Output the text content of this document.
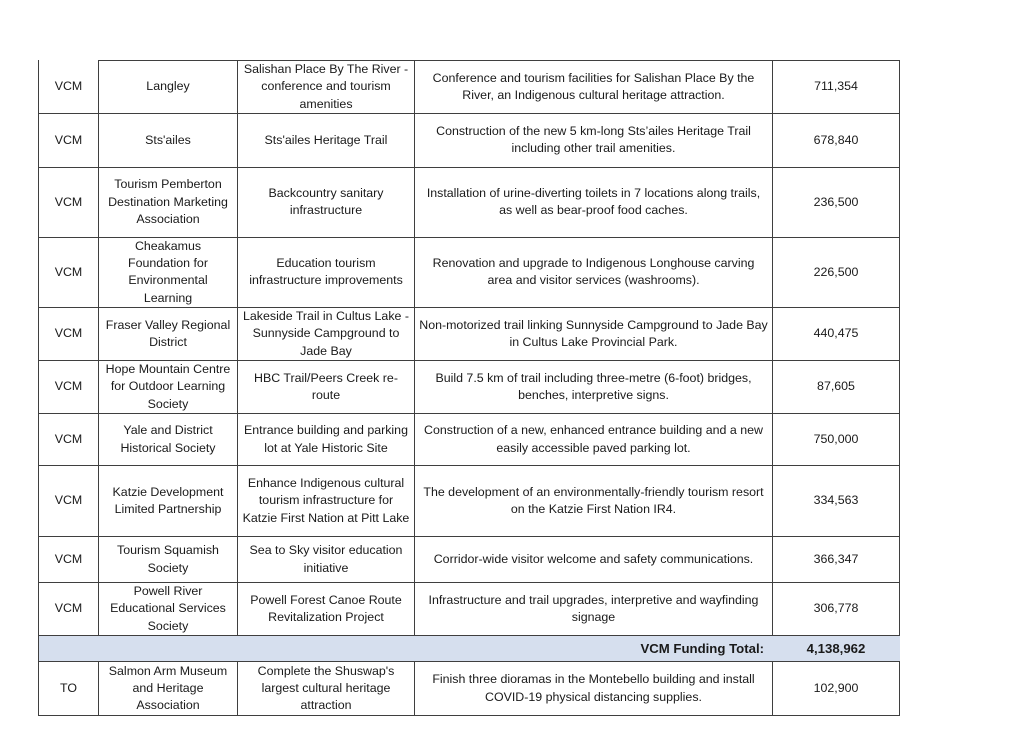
VCM	Langley	Salishan Place By The River - conference and tourism amenities	Conference and tourism facilities for Salishan Place By the River, an Indigenous cultural heritage attraction.	711,354
VCM	Sts'ailes	Sts'ailes Heritage Trail	Construction of the new 5 km-long Sts’ailes Heritage Trail including other trail amenities.	678,840
VCM	Tourism Pemberton Destination Marketing Association	Backcountry sanitary infrastructure	Installation of urine-diverting toilets in 7 locations along trails, as well as bear-proof food caches.	236,500
VCM	Cheakamus Foundation for Environmental Learning	Education tourism infrastructure improvements	Renovation and upgrade to Indigenous Longhouse carving area and visitor services (washrooms).	226,500
VCM	Fraser Valley Regional District	Lakeside Trail in Cultus Lake - Sunnyside Campground to Jade Bay	Non-motorized trail linking Sunnyside Campground to Jade Bay in Cultus Lake Provincial Park.	440,475
VCM	Hope Mountain Centre for Outdoor Learning Society	HBC Trail/Peers Creek re-route	Build 7.5 km of trail including three-metre (6-foot) bridges, benches, interpretive signs.	87,605
VCM	Yale and District Historical Society	Entrance building and parking lot at Yale Historic Site	Construction of a new, enhanced entrance building and a new easily accessible paved parking lot.	750,000
VCM	Katzie Development Limited Partnership	Enhance Indigenous cultural tourism infrastructure for Katzie First Nation at Pitt Lake	The development of an environmentally-friendly tourism resort on the Katzie First Nation IR4.	334,563
VCM	Tourism Squamish Society	Sea to Sky visitor education initiative	Corridor-wide visitor welcome and safety communications.	366,347
VCM	Powell River Educational Services Society	Powell Forest Canoe Route Revitalization Project	Infrastructure and trail upgrades, interpretive and wayfinding signage	306,778
VCM Funding Total:				4,138,962
TO	Salmon Arm Museum and Heritage Association	Complete the Shuswap's largest cultural heritage attraction	Finish three dioramas in the Montebello building and install COVID-19 physical distancing supplies.	102,900
